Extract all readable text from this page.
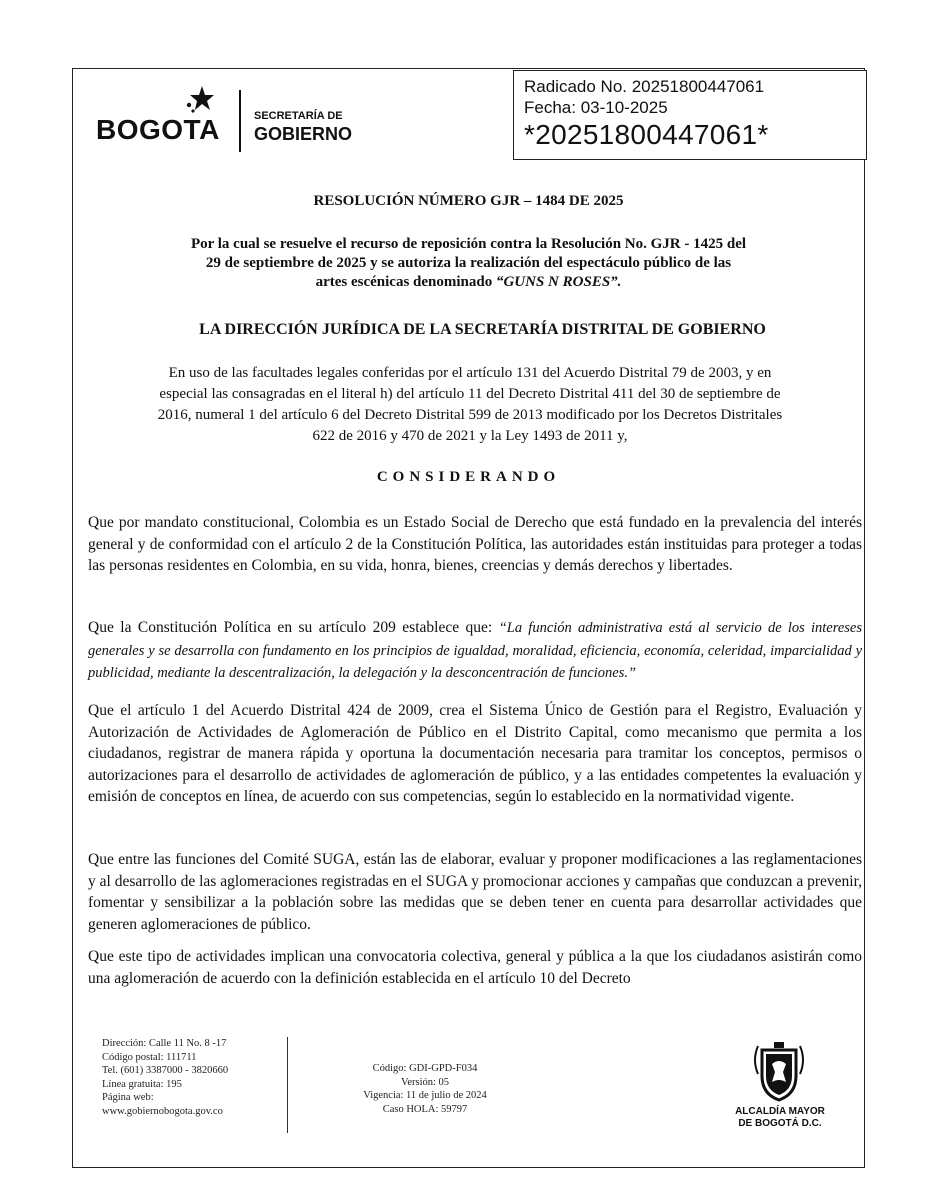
BOGOTA	SECRETARÍA DE
GOBIERNO
Radicado No. 20251800447061
Fecha: 03-10-2025
*20251800447061*
RESOLUCIÓN NÚMERO GJR – 1484 DE 2025
Por la cual se resuelve el recurso de reposición contra la Resolución No. GJR - 1425 del
29 de septiembre de 2025 y se autoriza la realización del espectáculo público de las
artes escénicas denominado “GUNS N ROSES”.
LA DIRECCIÓN JURÍDICA DE LA SECRETARÍA DISTRITAL DE GOBIERNO
En uso de las facultades legales conferidas por el artículo 131 del Acuerdo Distrital 79 de 2003, y en
especial las consagradas en el literal h) del artículo 11 del Decreto Distrital 411 del 30 de septiembre de
2016, numeral 1 del artículo 6 del Decreto Distrital 599 de 2013 modificado por los Decretos Distritales
622 de 2016 y 470 de 2021 y la Ley 1493 de 2011 y,
CONSIDERANDO
Que por mandato constitucional, Colombia es un Estado Social de Derecho que está fundado en la prevalencia del interés general y de conformidad con el artículo 2 de la Constitución Política, las autoridades están instituidas para proteger a todas las personas residentes en Colombia, en su vida, honra, bienes, creencias y demás derechos y libertades.
Que la Constitución Política en su artículo 209 establece que: “La función administrativa está al servicio de los intereses generales y se desarrolla con fundamento en los principios de igualdad, moralidad, eficiencia, economía, celeridad, imparcialidad y publicidad, mediante la descentralización, la delegación y la desconcentración de funciones.”
Que el artículo 1 del Acuerdo Distrital 424 de 2009, crea el Sistema Único de Gestión para el Registro, Evaluación y Autorización de Actividades de Aglomeración de Público en el Distrito Capital, como mecanismo que permita a los ciudadanos, registrar de manera rápida y oportuna la documentación necesaria para tramitar los conceptos, permisos o autorizaciones para el desarrollo de actividades de aglomeración de público, y a las entidades competentes la evaluación y emisión de conceptos en línea, de acuerdo con sus competencias, según lo establecido en la normatividad vigente.
Que entre las funciones del Comité SUGA, están las de elaborar, evaluar y proponer modificaciones a las reglamentaciones y al desarrollo de las aglomeraciones registradas en el SUGA y promocionar acciones y campañas que conduzcan a prevenir, fomentar y sensibilizar a la población sobre las medidas que se deben tener en cuenta para desarrollar actividades que generen aglomeraciones de público.
Que este tipo de actividades implican una convocatoria colectiva, general y pública a la que los ciudadanos asistirán como una aglomeración de acuerdo con la definición establecida en el artículo 10 del Decreto
Dirección: Calle 11 No. 8 -17
Código postal: 111711
Tel. (601) 3387000 - 3820660
Línea gratuita: 195
Página web:
www.gobiernobogota.gov.co
Código: GDI-GPD-F034
Versión: 05
Vigencia: 11 de julio de 2024
Caso HOLA: 59797	ALCALDÍA MAYOR
DE BOGOTÁ D.C.
